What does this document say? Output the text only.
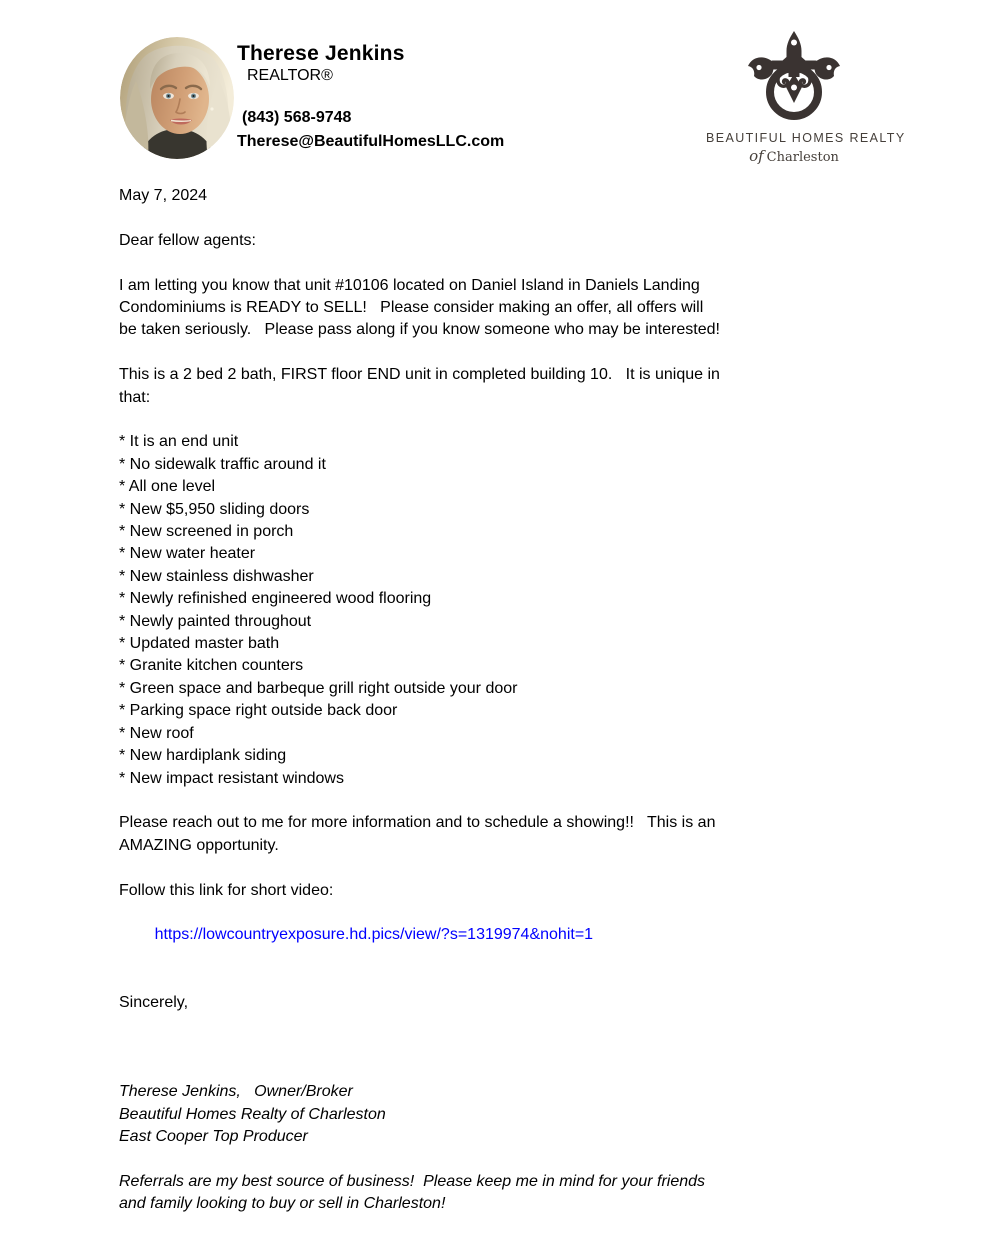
Therese Jenkins
REALTOR®
(843) 568-9748
Therese@BeautifulHomesLLC.com	BEAUTIFUL HOMES REALTY
of Charleston
May 7, 2024
Dear fellow agents:
I am letting you know that unit #10106 located on Daniel Island in Daniels Landing
Condominiums is READY to SELL!   Please consider making an offer, all offers will
be taken seriously.   Please pass along if you know someone who may be interested!
This is a 2 bed 2 bath, FIRST floor END unit in completed building 10.   It is unique in
that:
* It is an end unit
* No sidewalk traffic around it
* All one level
* New $5,950 sliding doors
* New screened in porch
* New water heater
* New stainless dishwasher
* Newly refinished engineered wood flooring
* Newly painted throughout
* Updated master bath
* Granite kitchen counters
* Green space and barbeque grill right outside your door
* Parking space right outside back door
* New roof
* New hardiplank siding
* New impact resistant windows
Please reach out to me for more information and to schedule a showing!!   This is an
AMAZING opportunity.
Follow this link for short video:

https://lowcountryexposure.hd.pics/view/?s=1319974&nohit=1

Sincerely,
Therese Jenkins,   Owner/Broker
Beautiful Homes Realty of Charleston
East Cooper Top Producer
Referrals are my best source of business!  Please keep me in mind for your friends
and family looking to buy or sell in Charleston!
